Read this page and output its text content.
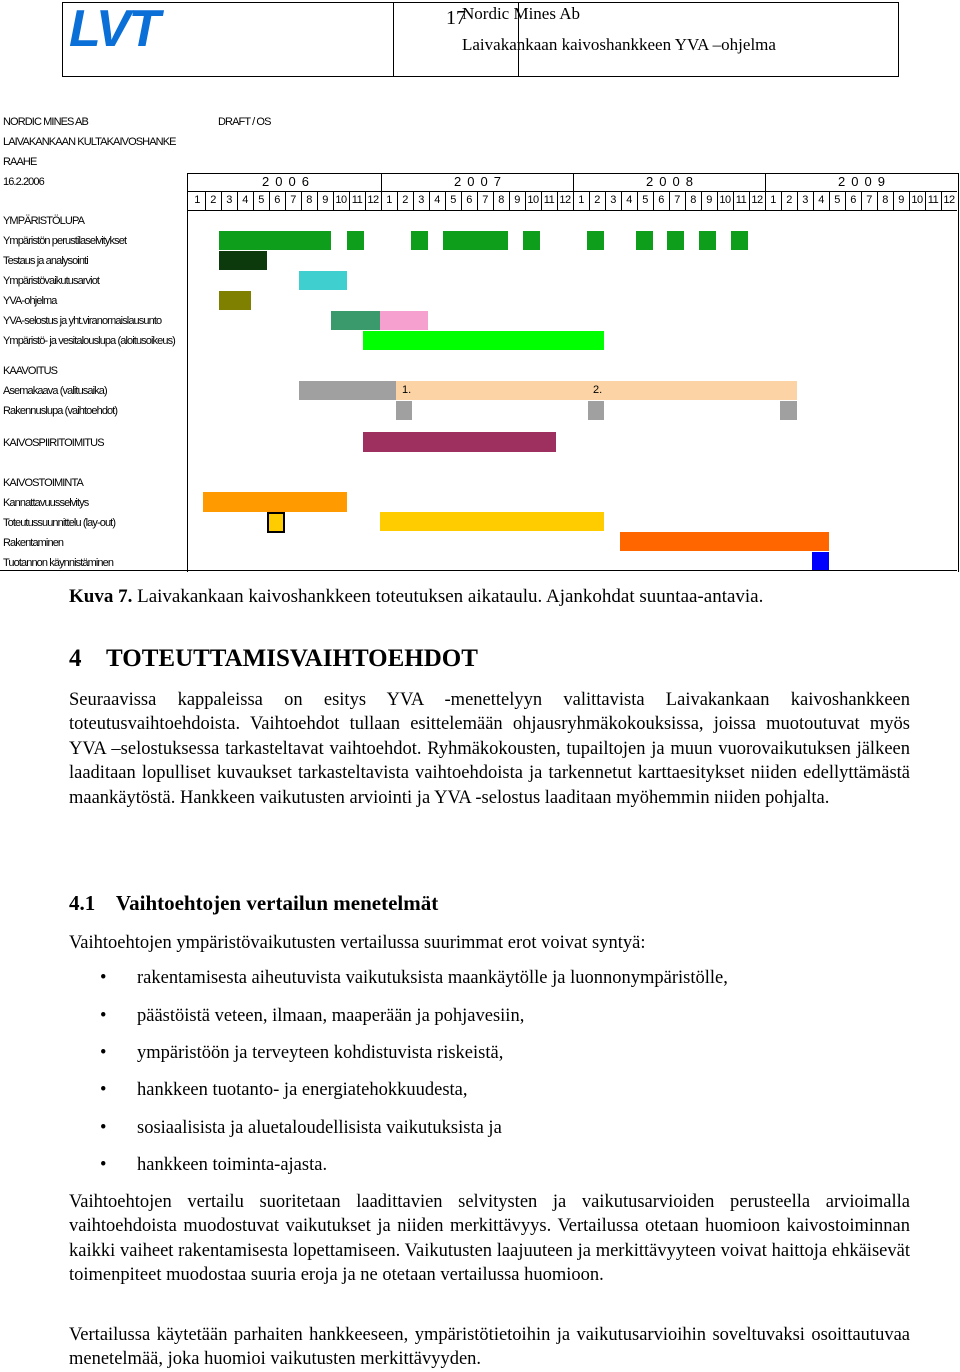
LVT	17
Nordic Mines Ab
Laivakankaan kaivoshankkeen YVA –ohjelma
NORDIC MINES AB	DRAFT / OS
LAIVAKANKAAN KULTAKAIVOSHANKE
RAAHE
16.2.2006	2006	2007	2008	2009
1 2 3 4 5 6 7 8 9 10 11 12 1 2 3 4 5 6 7 8 9 10 11 12 1 2 3 4 5 6 7 8 9 10 11 12 1 2 3 4 5 6 7 8 9 10 11 12
YMPÄRISTÖLUPA
Ympäristön perustilaselvitykset
Testaus ja analysointi
Ympäristövaikutusarviot
YVA-ohjelma
YVA-selostus ja yht.viranomaislausunto
Ympäristö- ja vesitalouslupa (aloitusoikeus)
KAAVOITUS
Asemakaava (valitusaika)
Rakennuslupa (vaihtoehdot)
KAIVOSPIIRITOIMITUS
KAIVOSTOIMINTA
Kannattavuusselvitys
Toteutussuunnittelu (lay-out)
Rakentaminen
Tuotannon käynnistäminen
1.	2.
Kuva 7. Laivakankaan kaivoshankkeen toteutuksen aikataulu. Ajankohdat suuntaa-antavia.
4    TOTEUTTAMISVAIHTOEHDOT
Seuraavissa kappaleissa on esitys YVA -menettelyyn valittavista Laivakankaan kaivoshankkeen toteutusvaihtoehdoista. Vaihtoehdot tullaan esittelemään ohjausryhmäkokouksissa, joissa muotoutuvat myös YVA –selostuksessa tarkasteltavat vaihtoehdot. Ryhmäkokousten, tupailtojen ja muun vuorovaikutuksen jälkeen laaditaan lopulliset kuvaukset tarkasteltavista vaihtoehdoista ja tarkennetut karttaesitykset niiden edellyttämästä maankäytöstä. Hankkeen vaikutusten arviointi ja YVA -selostus laaditaan myöhemmin niiden pohjalta.
4.1    Vaihtoehtojen vertailun menetelmät
Vaihtoehtojen ympäristövaikutusten vertailussa suurimmat erot voivat syntyä:
• rakentamisesta aiheutuvista vaikutuksista maankäytölle ja luonnonympäristölle,
• päästöistä veteen, ilmaan, maaperään ja pohjavesiin,
• ympäristöön ja terveyteen kohdistuvista riskeistä,
• hankkeen tuotanto- ja energiatehokkuudesta,
• sosiaalisista ja aluetaloudellisista vaikutuksista ja
• hankkeen toiminta-ajasta.
Vaihtoehtojen vertailu suoritetaan laadittavien selvitysten ja vaikutusarvioiden perusteella arvioimalla vaihtoehdoista muodostuvat vaikutukset ja niiden merkittävyys. Vertailussa otetaan huomioon kaivostoiminnan kaikki vaiheet rakentamisesta lopettamiseen. Vaikutusten laajuuteen ja merkittävyyteen voivat haittoja ehkäisevät toimenpiteet muodostaa suuria eroja ja ne otetaan vertailussa huomioon.
Vertailussa käytetään parhaiten hankkeeseen, ympäristötietoihin ja vaikutusarvioihin soveltuvaksi osoittautuvaa menetelmää, joka huomioi vaikutusten merkittävyyden.
